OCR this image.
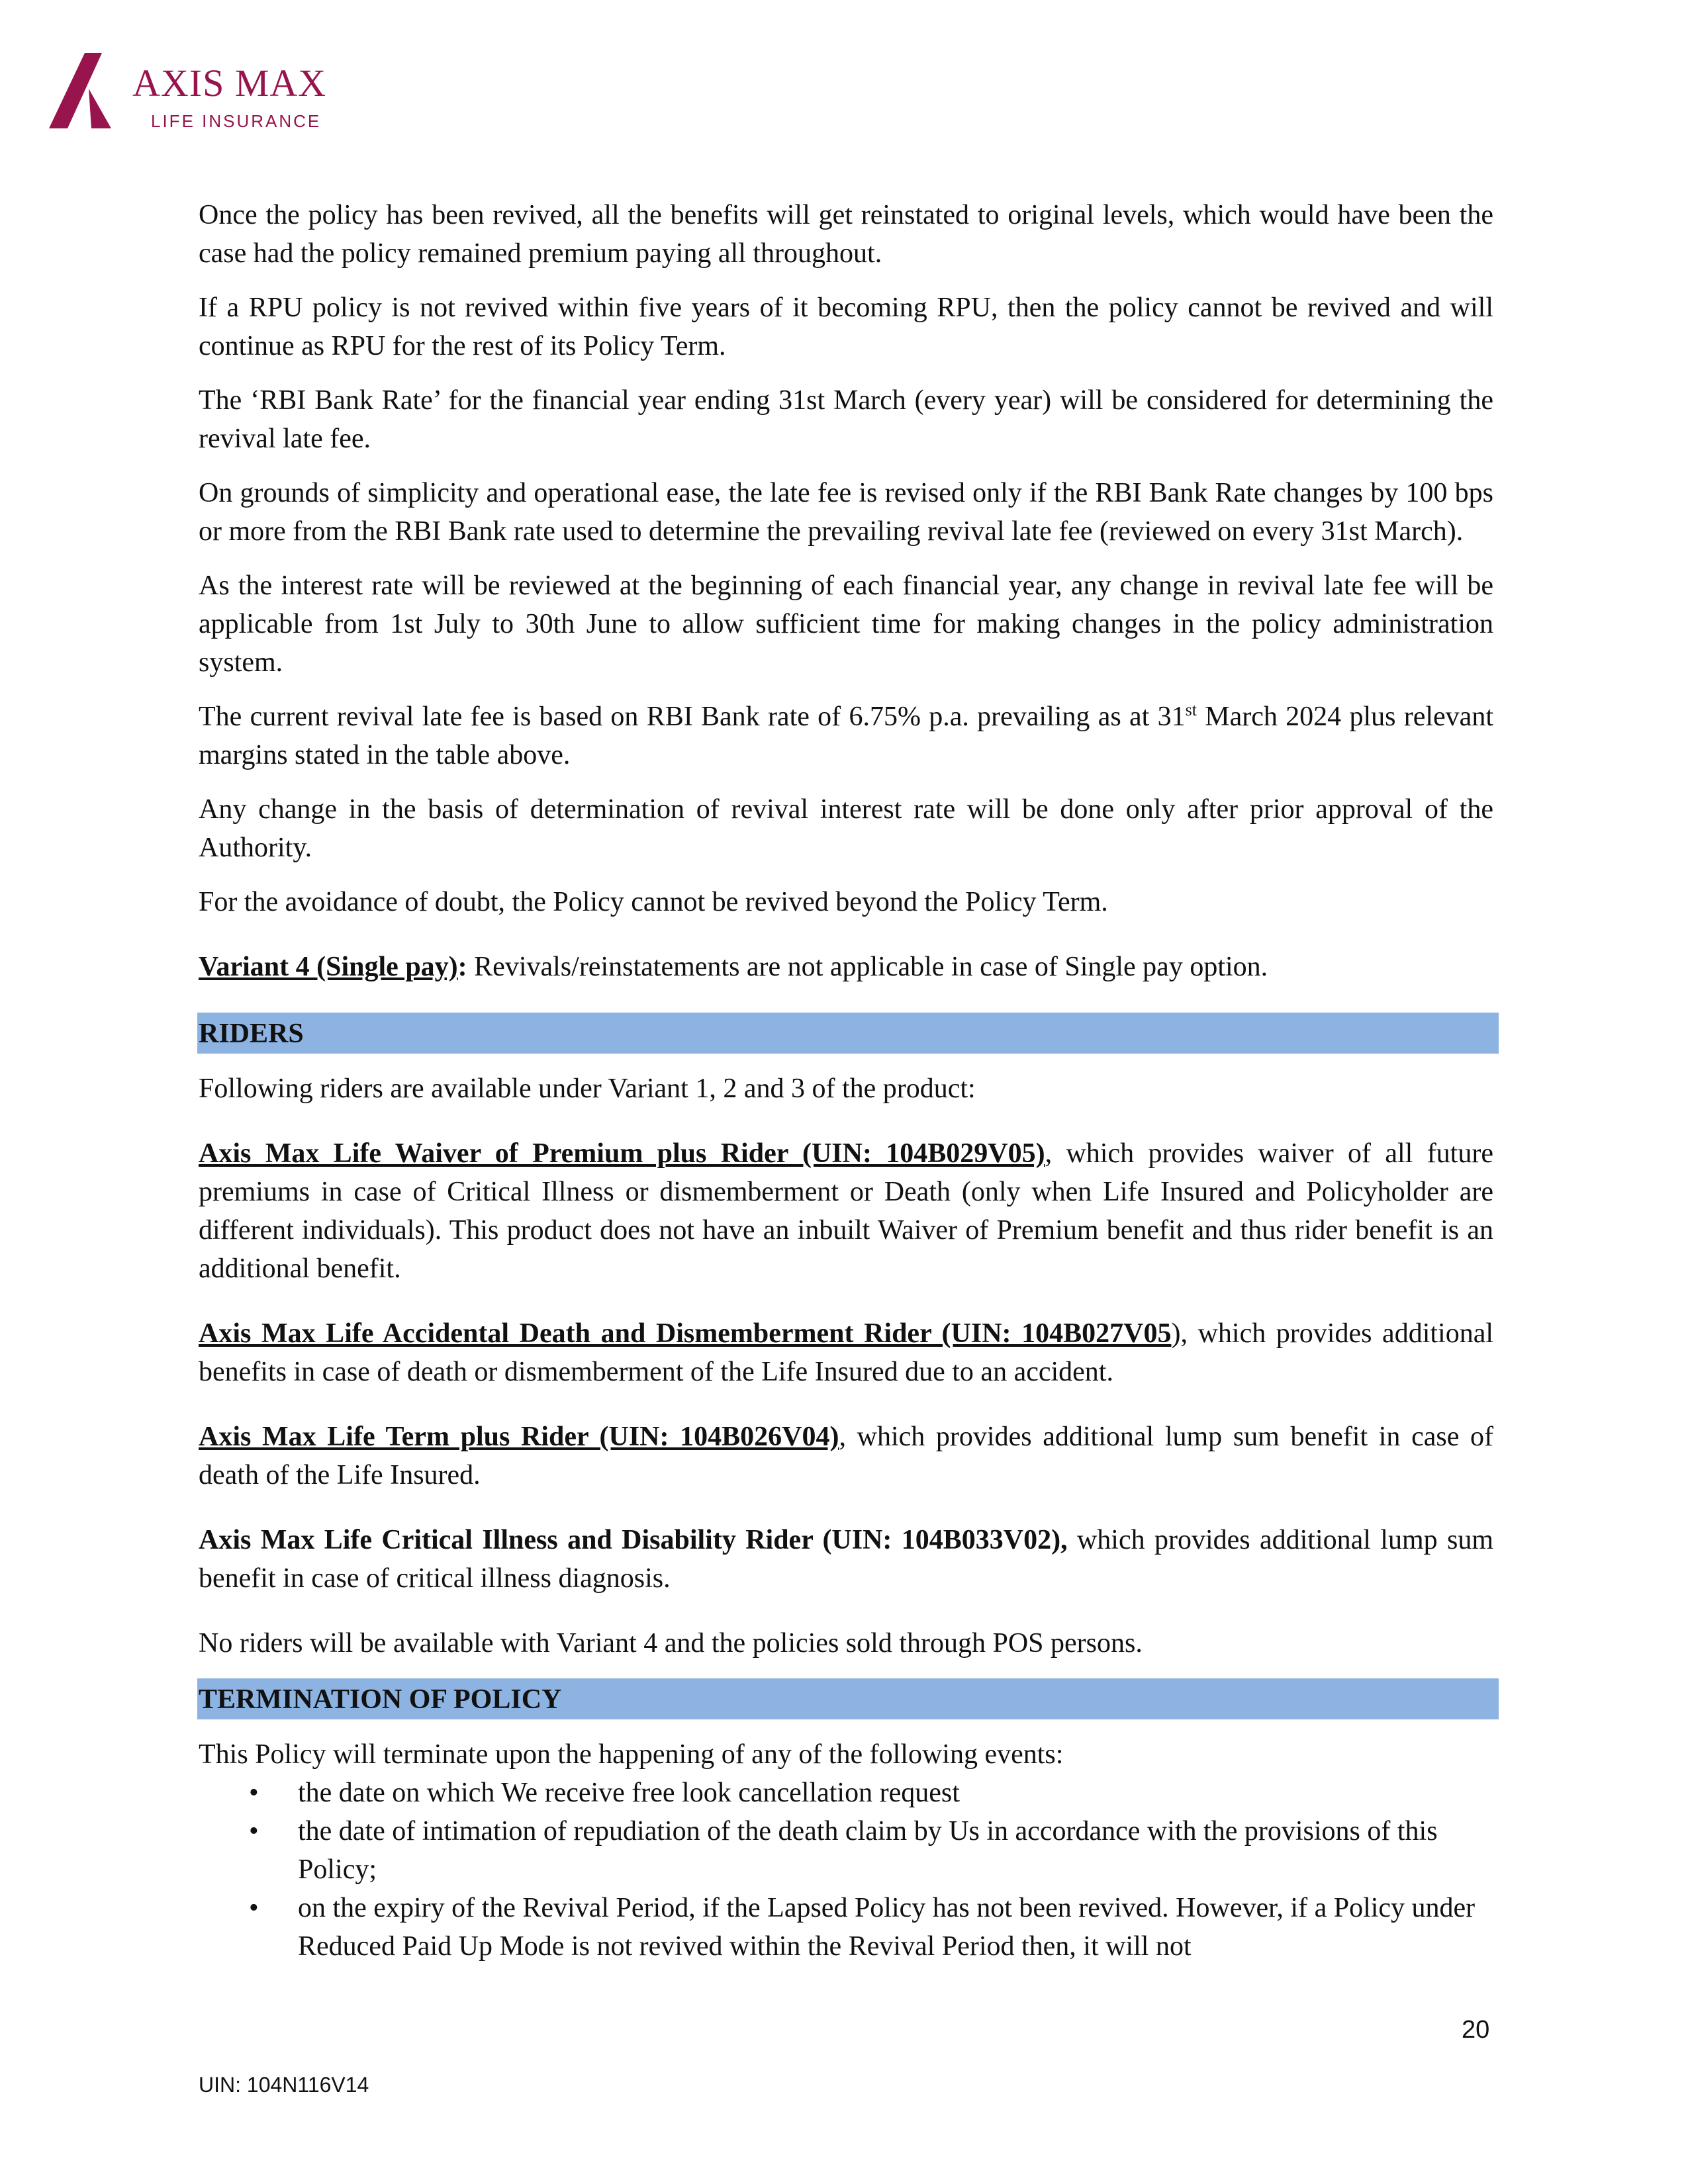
AXIS MAX
LIFE INSURANCE

Once the policy has been revived, all the benefits will get reinstated to original levels, which would have been the case had the policy remained premium paying all throughout.

If a RPU policy is not revived within five years of it becoming RPU, then the policy cannot be revived and will continue as RPU for the rest of its Policy Term.

The ‘RBI Bank Rate’ for the financial year ending 31st March (every year) will be considered for determining the revival late fee.

On grounds of simplicity and operational ease, the late fee is revised only if the RBI Bank Rate changes by 100 bps or more from the RBI Bank rate used to determine the prevailing revival late fee (reviewed on every 31st March).

As the interest rate will be reviewed at the beginning of each financial year, any change in revival late fee will be applicable from 1st July to 30th June to allow sufficient time for making changes in the policy administration system.

The current revival late fee is based on RBI Bank rate of 6.75% p.a. prevailing as at 31st March 2024 plus relevant margins stated in the table above.

Any change in the basis of determination of revival interest rate will be done only after prior approval of the Authority.

For the avoidance of doubt, the Policy cannot be revived beyond the Policy Term.

Variant 4 (Single pay): Revivals/reinstatements are not applicable in case of Single pay option.

RIDERS

Following riders are available under Variant 1, 2 and 3 of the product:

Axis Max Life Waiver of Premium plus Rider (UIN: 104B029V05), which provides waiver of all future premiums in case of Critical Illness or dismemberment or Death (only when Life Insured and Policyholder are different individuals). This product does not have an inbuilt Waiver of Premium benefit and thus rider benefit is an additional benefit.

Axis Max Life Accidental Death and Dismemberment Rider (UIN: 104B027V05), which provides additional benefits in case of death or dismemberment of the Life Insured due to an accident.

Axis Max Life Term plus Rider (UIN: 104B026V04), which provides additional lump sum benefit in case of death of the Life Insured.

Axis Max Life Critical Illness and Disability Rider (UIN: 104B033V02), which provides additional lump sum benefit in case of critical illness diagnosis.

No riders will be available with Variant 4 and the policies sold through POS persons.

TERMINATION OF POLICY

This Policy will terminate upon the happening of any of the following events:

• the date on which We receive free look cancellation request
• the date of intimation of repudiation of the death claim by Us in accordance with the provisions of this Policy;
• on the expiry of the Revival Period, if the Lapsed Policy has not been revived. However, if a Policy under Reduced Paid Up Mode is not revived within the Revival Period then, it will not
20
UIN: 104N116V14
